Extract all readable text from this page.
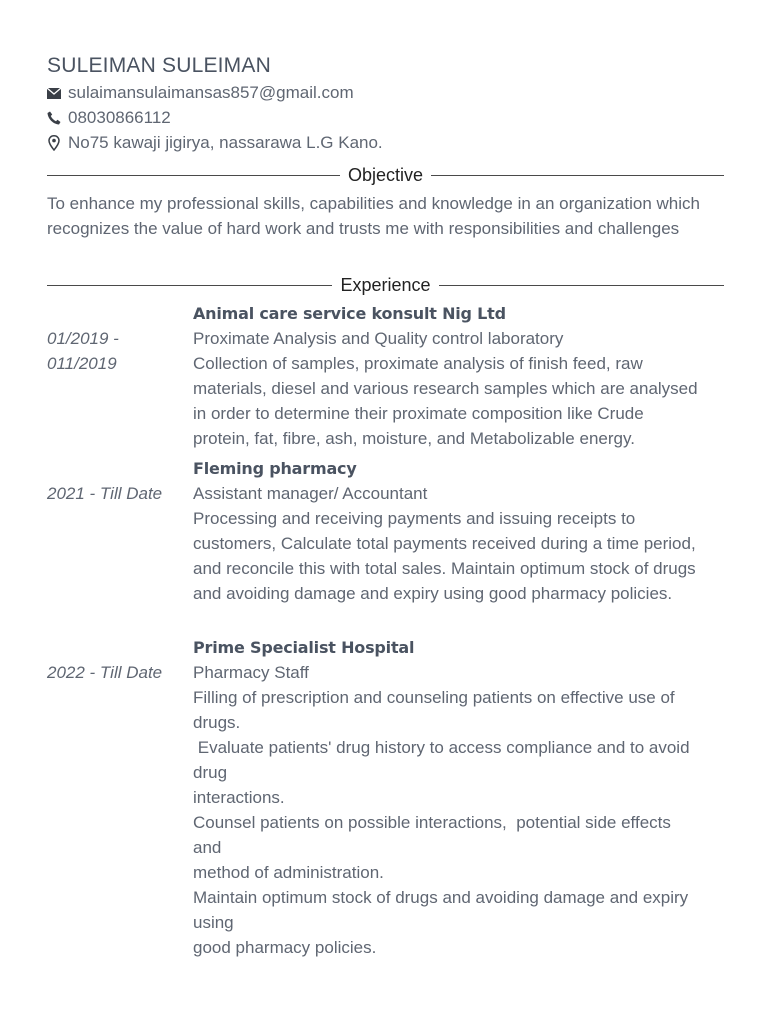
SULEIMAN SULEIMAN
sulaimansulaimansas857@gmail.com
08030866112
No75 kawaji jigirya, nassarawa L.G Kano.
Objective
To enhance my professional skills, capabilities and knowledge in an organization which recognizes the value of hard work and trusts me with responsibilities and challenges
Experience
01/2019 -
011/2019
Animal care service konsult Nig Ltd
Proximate Analysis and Quality control laboratory
Collection of samples, proximate analysis of finish feed, raw
materials, diesel and various research samples which are analysed
in order to determine their proximate composition like Crude
protein, fat, fibre, ash, moisture, and Metabolizable energy.
2021 - Till Date
Fleming pharmacy
Assistant manager/ Accountant
Processing and receiving payments and issuing receipts to
customers, Calculate total payments received during a time period,
and reconcile this with total sales. Maintain optimum stock of drugs
and avoiding damage and expiry using good pharmacy policies.
2022 - Till Date
Prime Specialist Hospital
Pharmacy Staff
Filling of prescription and counseling patients on effective use of
drugs.
Evaluate patients' drug history to access compliance and to avoid
drug
interactions.
Counsel patients on possible interactions,  potential side effects
and
method of administration.
Maintain optimum stock of drugs and avoiding damage and expiry
using
good pharmacy policies.
